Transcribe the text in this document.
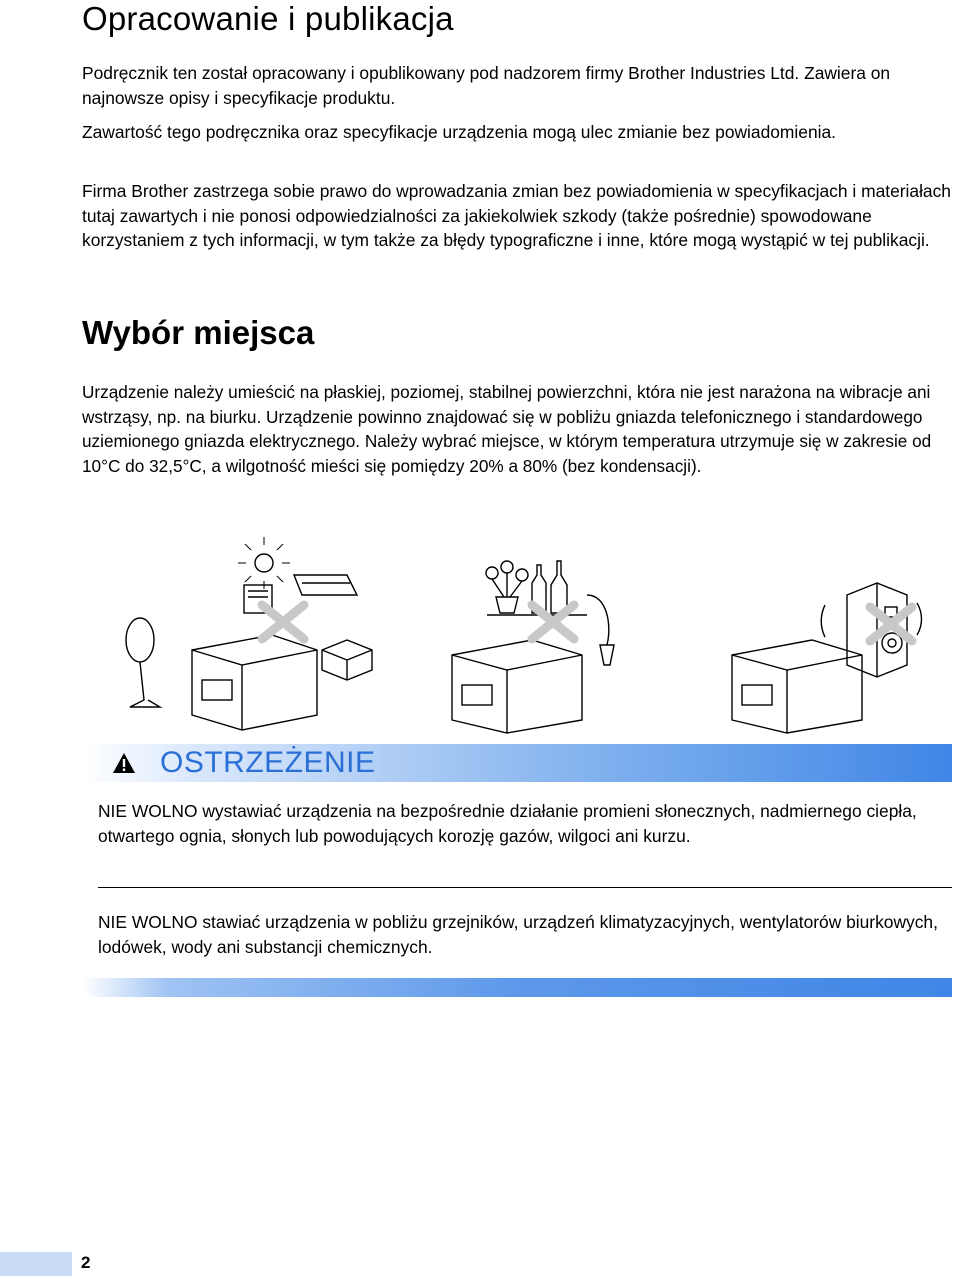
Opracowanie i publikacja

Podręcznik ten został opracowany i opublikowany pod nadzorem firmy Brother Industries Ltd. Zawiera on najnowsze opisy i specyfikacje produktu.

Zawartość tego podręcznika oraz specyfikacje urządzenia mogą ulec zmianie bez powiadomienia.

Firma Brother zastrzega sobie prawo do wprowadzania zmian bez powiadomienia w specyfikacjach i materiałach tutaj zawartych i nie ponosi odpowiedzialności za jakiekolwiek szkody (także pośrednie) spowodowane korzystaniem z tych informacji, w tym także za błędy typograficzne i inne, które mogą wystąpić w tej publikacji.

Wybór miejsca

Urządzenie należy umieścić na płaskiej, poziomej, stabilnej powierzchni, która nie jest narażona na wibracje ani wstrząsy, np. na biurku. Urządzenie powinno znajdować się w pobliżu gniazda telefonicznego i standardowego uziemionego gniazda elektrycznego. Należy wybrać miejsce, w którym temperatura utrzymuje się w zakresie od 10°C do 32,5°C, a wilgotność mieści się pomiędzy 20% a 80% (bez kondensacji).

OSTRZEŻENIE

NIE WOLNO wystawiać urządzenia na bezpośrednie działanie promieni słonecznych, nadmiernego ciepła, otwartego ognia, słonych lub powodujących korozję gazów, wilgoci ani kurzu.

NIE WOLNO stawiać urządzenia w pobliżu grzejników, urządzeń klimatyzacyjnych, wentylatorów biurkowych, lodówek, wody ani substancji chemicznych.

2
